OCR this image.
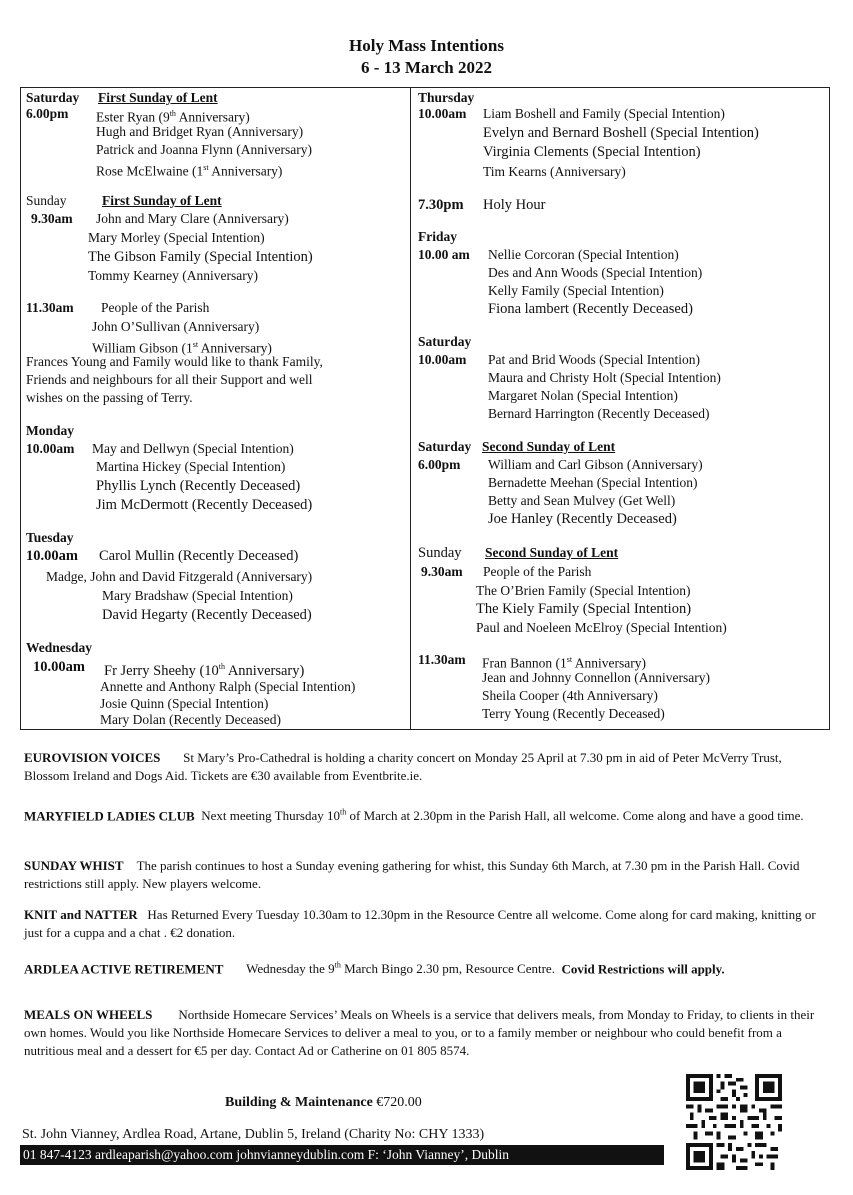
Holy Mass Intentions
6 - 13 March 2022
Saturday First Sunday of Lent
6.00pm Ester Ryan (9th Anniversary)
Hugh and Bridget Ryan (Anniversary)
Patrick and Joanna Flynn (Anniversary)
Rose McElwaine (1st Anniversary)
Sunday	First Sunday of Lent
9.30am John and Mary Clare (Anniversary)
Mary Morley (Special Intention)
The Gibson Family (Special Intention)
Tommy Kearney (Anniversary)
11.30am People of the Parish
John O’Sullivan (Anniversary)
William Gibson (1st Anniversary)
Frances Young and Family would like to thank Family,
Friends and neighbours for all their Support and well
wishes on the passing of Terry.
Monday
10.00am May and Dellwyn (Special Intention)
Martina Hickey (Special Intention)
Phyllis Lynch (Recently Deceased)
Jim McDermott (Recently Deceased)
Tuesday
10.00am Carol Mullin (Recently Deceased)
Madge, John and David Fitzgerald (Anniversary)
Mary Bradshaw (Special Intention)
David Hegarty (Recently Deceased)
Wednesday
10.00am Fr Jerry Sheehy (10th Anniversary)
Annette and Anthony Ralph (Special Intention)
Josie Quinn (Special Intention)
Mary Dolan (Recently Deceased)
Thursday
10.00am Liam Boshell and Family (Special Intention)
Evelyn and Bernard Boshell (Special Intention)
Virginia Clements (Special Intention)
Tim Kearns (Anniversary)
7.30pm Holy Hour
Friday
10.00 am Nellie Corcoran (Special Intention)
Des and Ann Woods (Special Intention)
Kelly Family (Special Intention)
Fiona lambert (Recently Deceased)
Saturday
10.00am Pat and Brid Woods (Special Intention)
Maura and Christy Holt (Special Intention)
Margaret Nolan (Special Intention)
Bernard Harrington (Recently Deceased)
Saturday Second Sunday of Lent
6.00pm William and Carl Gibson (Anniversary)
Bernadette Meehan (Special Intention)
Betty and Sean Mulvey (Get Well)
Joe Hanley (Recently Deceased)
Sunday Second Sunday of Lent
9.30am People of the Parish
The O’Brien Family (Special Intention)
The Kiely Family (Special Intention)
Paul and Noeleen McElroy (Special Intention)
11.30am Fran Bannon (1st Anniversary)
Jean and Johnny Connellon (Anniversary)
Sheila Cooper (4th Anniversary)
Terry Young (Recently Deceased)
EUROVISION VOICES St Mary’s Pro-Cathedral is holding a charity concert on Monday 25 April at 7.30 pm in aid of Peter McVerry Trust, Blossom Ireland and Dogs Aid. Tickets are €30 available from Eventbrite.ie.
MARYFIELD LADIES CLUB Next meeting Thursday 10th of March at 2.30pm in the Parish Hall, all welcome. Come along and have a good time.
SUNDAY WHIST The parish continues to host a Sunday evening gathering for whist, this Sunday 6th March, at 7.30 pm in the Parish Hall. Covid restrictions still apply. New players welcome.
KNIT and NATTER Has Returned Every Tuesday 10.30am to 12.30pm in the Resource Centre all welcome. Come along for card making, knitting or just for a cuppa and a chat . €2 donation.
ARDLEA ACTIVE RETIREMENT Wednesday the 9th March Bingo 2.30 pm, Resource Centre. Covid Restrictions will apply.
MEALS ON WHEELS Northside Homecare Services’ Meals on Wheels is a service that delivers meals, from Monday to Friday, to clients in their own homes. Would you like Northside Homecare Services to deliver a meal to you, or to a family member or neighbour who could benefit from a nutritious meal and a dessert for €5 per day. Contact Ad or Catherine on 01 805 8574.
Building & Maintenance €720.00
St. John Vianney, Ardlea Road, Artane, Dublin 5, Ireland (Charity No: CHY 1333)
01 847-4123 ardleaparish@yahoo.com johnvianneydublin.com F: ‘John Vianney’, Dublin
